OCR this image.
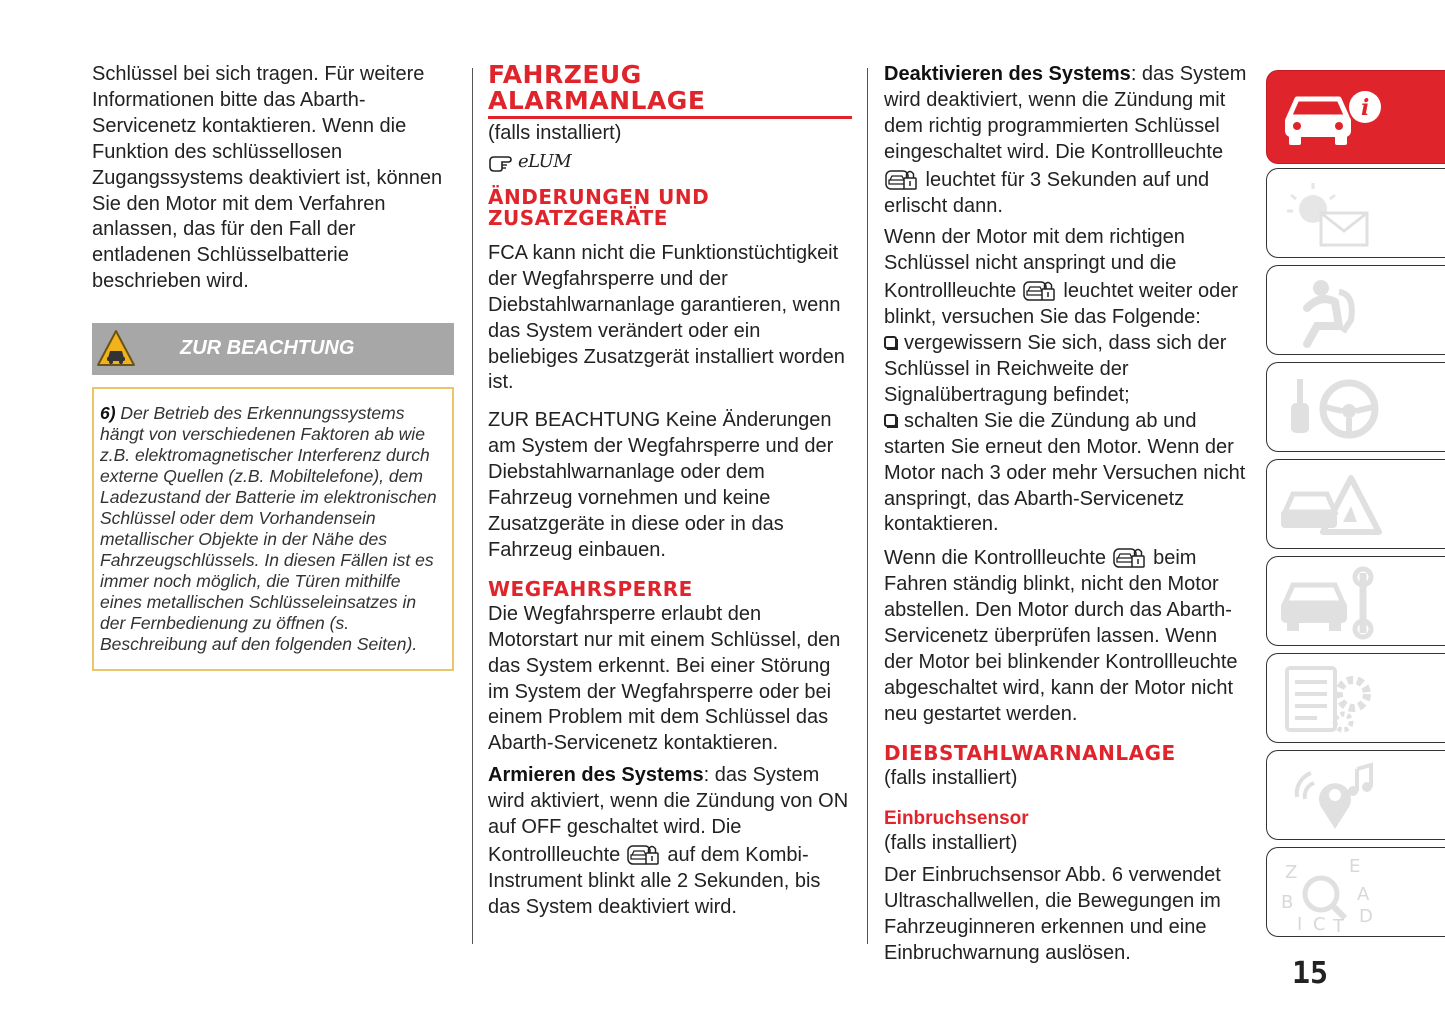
Schlüssel bei sich tragen. Für weitere Informationen bitte das Abarth-Servicenetz kontaktieren. Wenn die Funktion des schlüssellosen Zugangssystems deaktiviert ist, können Sie den Motor mit dem Verfahren anlassen, das für den Fall der entladenen Schlüsselbatterie beschrieben wird.

ZUR BEACHTUNG
6) Der Betrieb des Erkennungssystems hängt von verschiedenen Faktoren ab wie z.B. elektromagnetischer Interferenz durch externe Quellen (z.B. Mobiltelefone), dem Ladezustand der Batterie im elektronischen Schlüssel oder dem Vorhandensein metallischer Objekte in der Nähe des Fahrzeugschlüssels. In diesen Fällen ist es immer noch möglich, die Türen mithilfe eines metallischen Schlüsseleinsatzes in der Fernbedienung zu öffnen (s. Beschreibung auf den folgenden Seiten).
FAHRZEUG ALARMANLAGE

(falls installiert)

eLUM
ÄNDERUNGEN UND ZUSATZGERÄTE

FCA kann nicht die Funktionstüchtigkeit der Wegfahrsperre und der Diebstahlwarnanlage garantieren, wenn das System verändert oder ein beliebiges Zusatzgerät installiert worden ist.

ZUR BEACHTUNG Keine Änderungen am System der Wegfahrsperre und der Diebstahlwarnanlage oder dem Fahrzeug vornehmen und keine Zusatzgeräte in diese oder in das Fahrzeug einbauen.

WEGFAHRSPERRE

Die Wegfahrsperre erlaubt den Motorstart nur mit einem Schlüssel, den das System erkennt. Bei einer Störung im System der Wegfahrsperre oder bei einem Problem mit dem Schlüssel das Abarth-Servicenetz kontaktieren.

Armieren des Systems: das System wird aktiviert, wenn die Zündung von ON auf OFF geschaltet wird. Die Kontrollleuchte  auf dem Kombi-Instrument blinkt alle 2 Sekunden, bis das System deaktiviert wird.

Deaktivieren des Systems: das System wird deaktiviert, wenn die Zündung mit dem richtig programmierten Schlüssel eingeschaltet wird. Die Kontrollleuchte  leuchtet für 3 Sekunden auf und erlischt dann.

Wenn der Motor mit dem richtigen Schlüssel nicht anspringt und die Kontrollleuchte  leuchtet weiter oder blinkt, versuchen Sie das Folgende:

vergewissern Sie sich, dass sich der Schlüssel in Reichweite der Signalübertragung befindet;

schalten Sie die Zündung ab und starten Sie erneut den Motor. Wenn der Motor nach 3 oder mehr Versuchen nicht anspringt, das Abarth-Servicenetz kontaktieren.

Wenn die Kontrollleuchte  beim Fahren ständig blinkt, nicht den Motor abstellen. Den Motor durch das Abarth-Servicenetz überprüfen lassen. Wenn der Motor bei blinkender Kontrollleuchte abgeschaltet wird, kann der Motor nicht neu gestartet werden.

DIEBSTAHLWARNANLAGE

(falls installiert)

Einbruchsensor

(falls installiert)

Der Einbruchsensor Abb. 6 verwendet Ultraschallwellen, die Bewegungen im Fahrzeuginneren erkennen und eine Einbruchwarnung auslösen.

i
Z	E
A
B
D
C T
I
15
